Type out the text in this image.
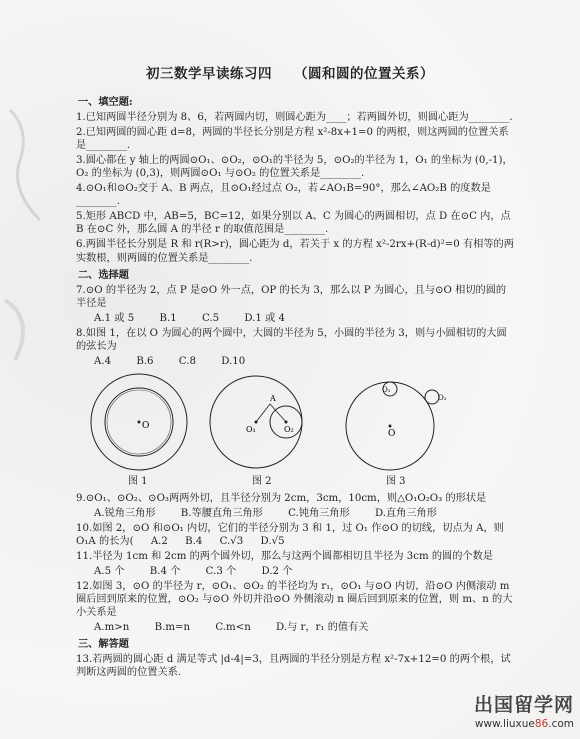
初三数学早读练习四 （圆和圆的位置关系）
一、填空题:
1.已知两圆半径分别为 8、6，若两圆内切，则圆心距为____；若两圆外切，则圆心距为________.
2.已知两圆的圆心距 d=8，两圆的半径长分别是方程 x²-8x+1=0 的两根，则这两圆的位置关系是________.
3.圆心都在 y 轴上的两圆⊙O₁、⊙O₂，⊙O₁的半径为 5，⊙O₂的半径为 1，O₁ 的坐标为 (0,-1)，O₂ 的坐标为 (0,3)，则两圆⊙O₁ 与⊙O₂ 的位置关系是________.
4.⊙O₁和⊙O₂交于 A、B 两点，且⊙O₁经过点 O₂，若∠AO₁B=90°，那么∠AO₂B 的度数是________.
5.矩形 ABCD 中，AB=5，BC=12，如果分别以 A、C 为圆心的两圆相切，点 D 在⊙C 内，点 B 在⊙C 外，那么圆 A 的半径 r 的取值范围是________.
6.两圆半径长分别是 R 和 r(R>r)，圆心距为 d，若关于 x 的方程 x²-2rx+(R-d)²=0 有相等的两实数根，则两圆的位置关系是________.
二、选择题
7.⊙O 的半径为 2，点 P 是⊙O 外一点，OP 的长为 3，那么以 P 为圆心，且与⊙O 相切的圆的半径是
A.1 或 5 B.1 C.5 D.1 或 4
8.如图 1，在以 O 为圆心的两个圆中，大圆的半径为 5，小圆的半径为 3，则与小圆相切的大圆的弦长为
A.4 B.6 C.8 D.10
O
A
O₁	O₂	O
O₁
O₂
图 1	图 2	图 3
9.⊙O₁、⊙O₂、⊙O₃两两外切，且半径分别为 2cm，3cm，10cm，则△O₁O₂O₃ 的形状是
A.锐角三角形 B.等腰直角三角形 C.钝角三角形 D.直角三角形
10.如图 2，⊙O 和⊙O₁ 内切，它们的半径分别为 3 和 1，过 O₁ 作⊙O 的切线，切点为 A，则 O₁A 的长为( A.2 B.4 C.√3 D.√5
11.半径为 1cm 和 2cm 的两个圆外切，那么与这两个圆都相切且半径为 3cm 的圆的个数是
A.5 个 B.4 个 C.3 个 D.2 个
12.如图 3，⊙O 的半径为 r，⊙O₁、⊙O₂ 的半径均为 r₁，⊙O₁ 与⊙O 内切，沿⊙O 内侧滚动 m 圈后回到原来的位置，⊙O₂ 与⊙O 外切并沿⊙O 外侧滚动 n 圈后回到原来的位置，则 m、n 的大小关系是
A.m>n B.m=n C.m<n D.与 r，r₁ 的值有关
三、解答题
13.若两圆的圆心距 d 满足等式 |d-4|=3，且两圆的半径分别是方程 x²-7x+12=0 的两个根，试判断这两圆的位置关系.
出国留学网
www.liuxue86.com
